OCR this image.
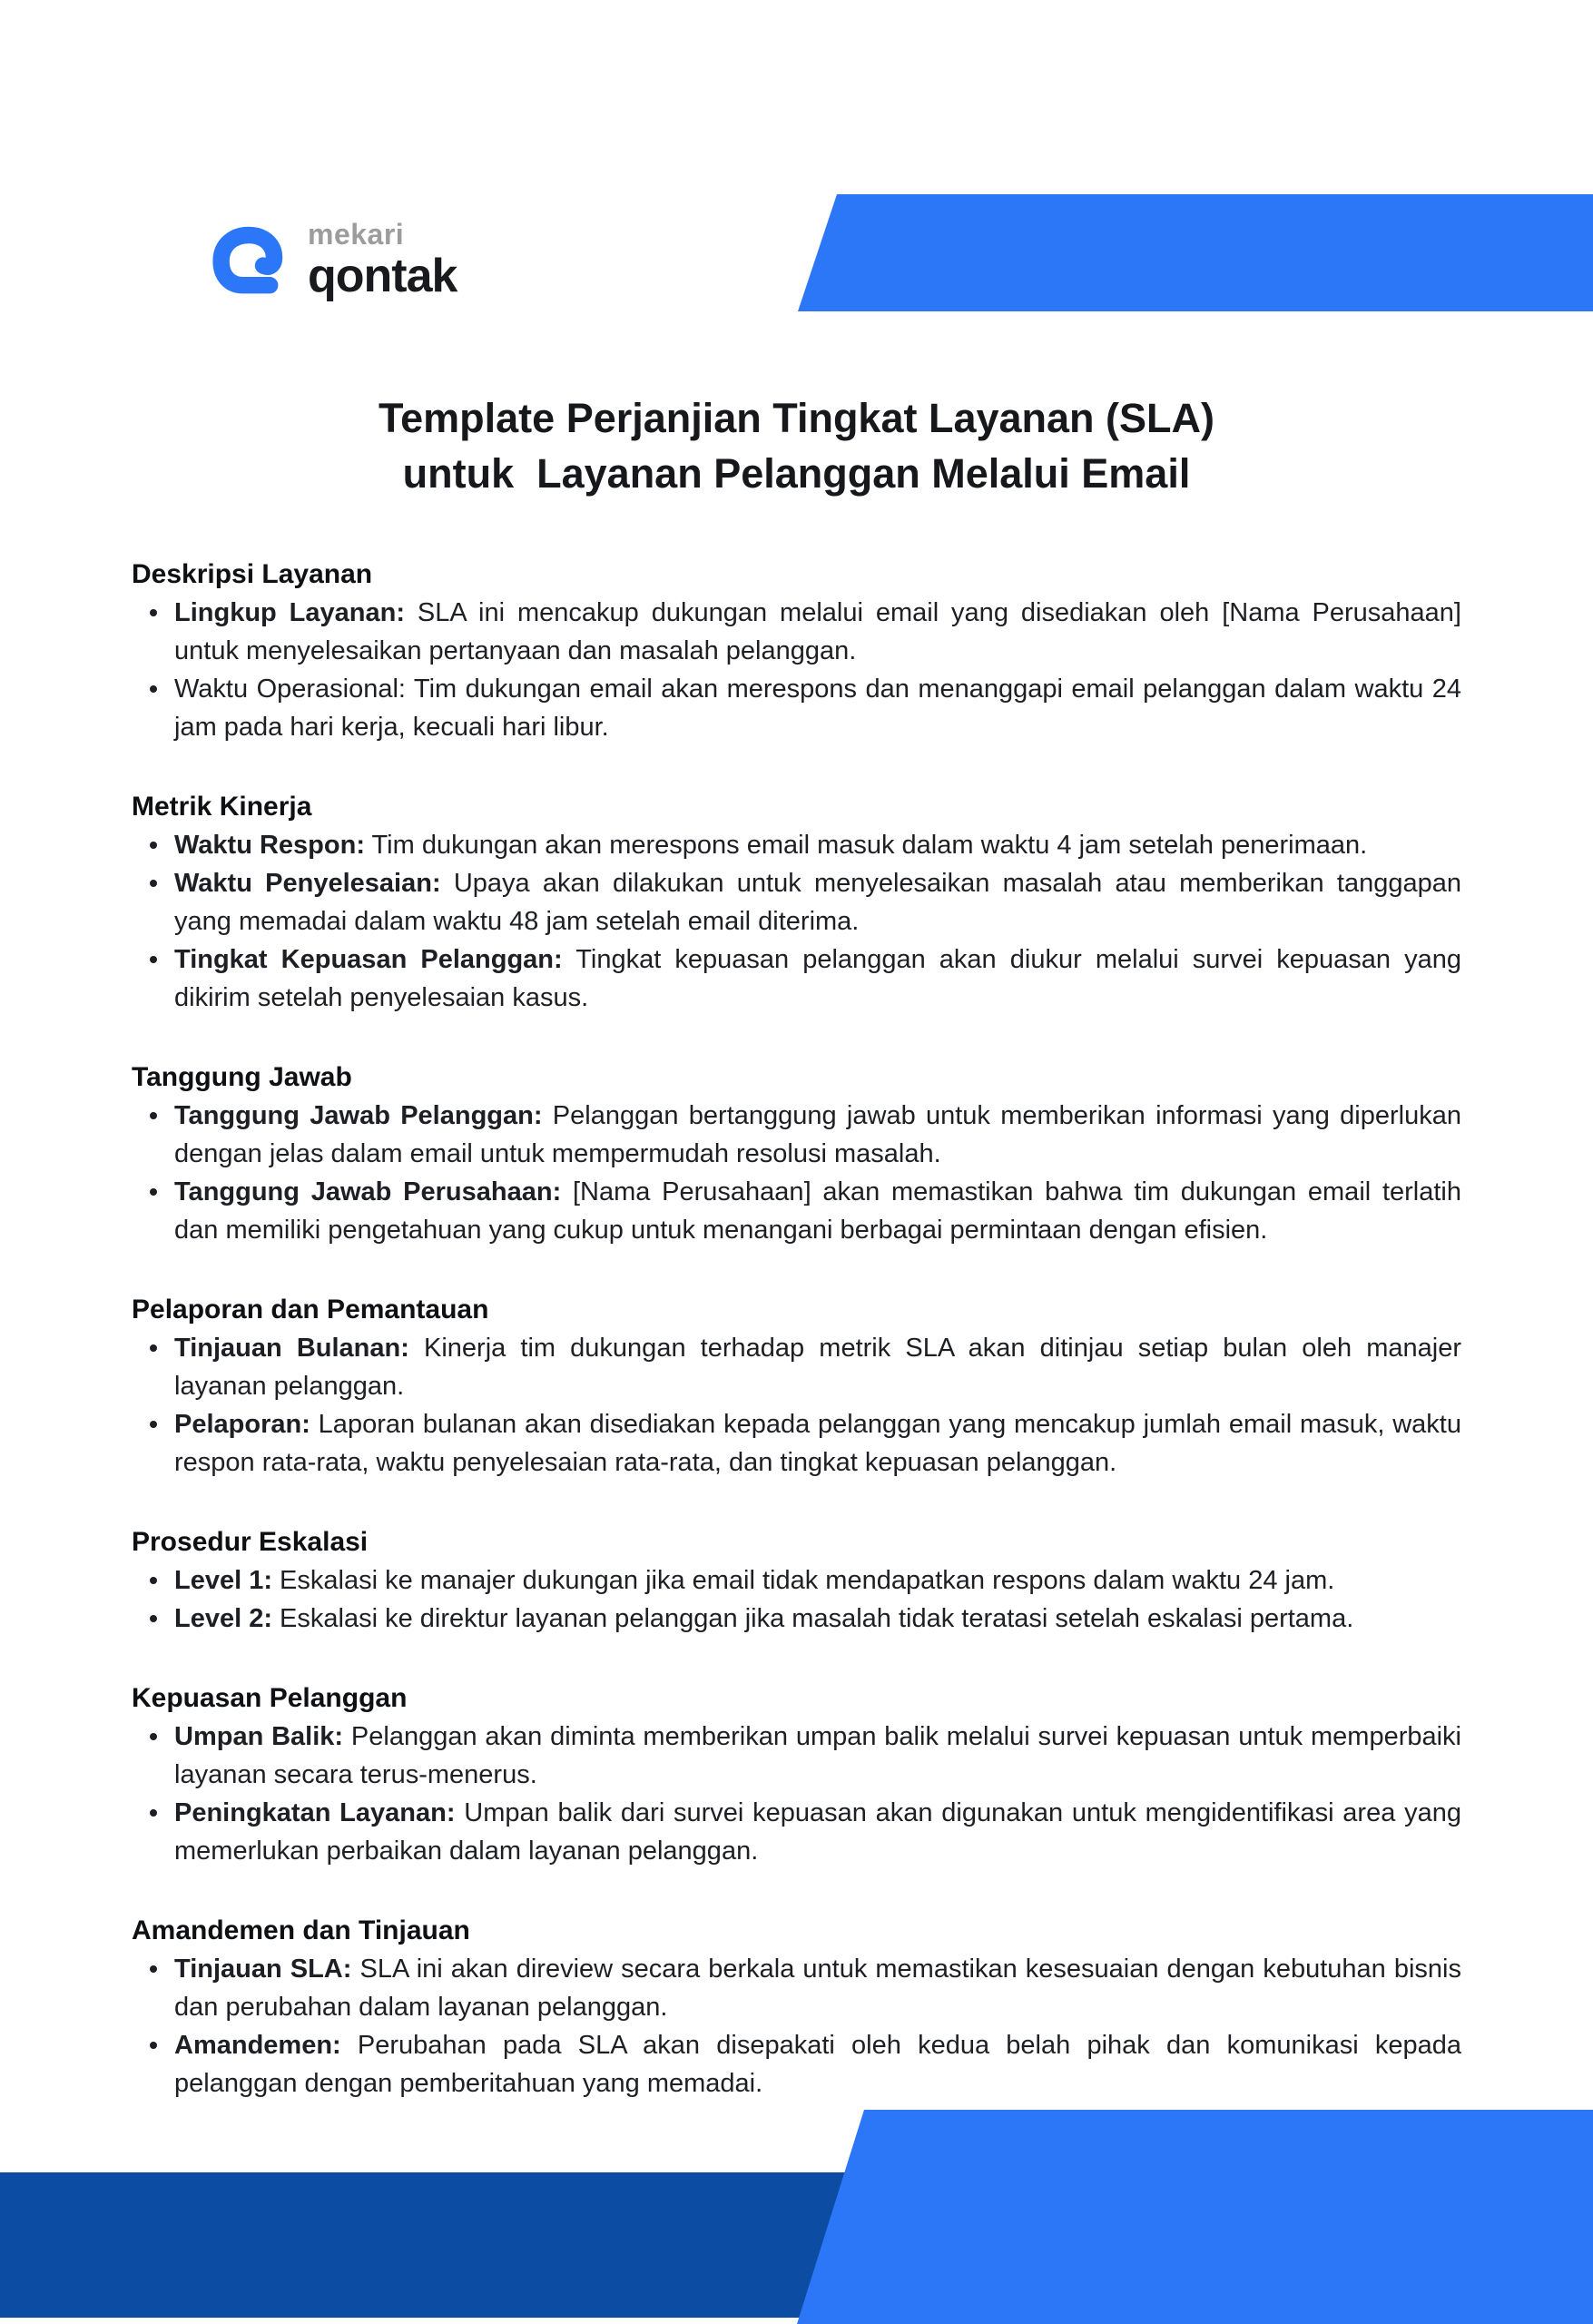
mekari
qontak
Template Perjanjian Tingkat Layanan (SLA)
untuk  Layanan Pelanggan Melalui Email
Deskripsi Layanan
Lingkup Layanan: SLA ini mencakup dukungan melalui email yang disediakan oleh [Nama Perusahaan] untuk menyelesaikan pertanyaan dan masalah pelanggan.
Waktu Operasional: Tim dukungan email akan merespons dan menanggapi email pelanggan dalam waktu 24 jam pada hari kerja, kecuali hari libur.
Metrik Kinerja
Waktu Respon: Tim dukungan akan merespons email masuk dalam waktu 4 jam setelah penerimaan.
Waktu Penyelesaian: Upaya akan dilakukan untuk menyelesaikan masalah atau memberikan tanggapan yang memadai dalam waktu 48 jam setelah email diterima.
Tingkat Kepuasan Pelanggan: Tingkat kepuasan pelanggan akan diukur melalui survei kepuasan yang dikirim setelah penyelesaian kasus.
Tanggung Jawab
Tanggung Jawab Pelanggan: Pelanggan bertanggung jawab untuk memberikan informasi yang diperlukan dengan jelas dalam email untuk mempermudah resolusi masalah.
Tanggung Jawab Perusahaan: [Nama Perusahaan] akan memastikan bahwa tim dukungan email terlatih dan memiliki pengetahuan yang cukup untuk menangani berbagai permintaan dengan efisien.
Pelaporan dan Pemantauan
Tinjauan Bulanan: Kinerja tim dukungan terhadap metrik SLA akan ditinjau setiap bulan oleh manajer layanan pelanggan.
Pelaporan: Laporan bulanan akan disediakan kepada pelanggan yang mencakup jumlah email masuk, waktu respon rata-rata, waktu penyelesaian rata-rata, dan tingkat kepuasan pelanggan.
Prosedur Eskalasi
Level 1: Eskalasi ke manajer dukungan jika email tidak mendapatkan respons dalam waktu 24 jam.
Level 2: Eskalasi ke direktur layanan pelanggan jika masalah tidak teratasi setelah eskalasi pertama.
Kepuasan Pelanggan
Umpan Balik: Pelanggan akan diminta memberikan umpan balik melalui survei kepuasan untuk memperbaiki layanan secara terus-menerus.
Peningkatan Layanan: Umpan balik dari survei kepuasan akan digunakan untuk mengidentifikasi area yang memerlukan perbaikan dalam layanan pelanggan.
Amandemen dan Tinjauan
Tinjauan SLA: SLA ini akan direview secara berkala untuk memastikan kesesuaian dengan kebutuhan bisnis dan perubahan dalam layanan pelanggan.
Amandemen: Perubahan pada SLA akan disepakati oleh kedua belah pihak dan komunikasi kepada pelanggan dengan pemberitahuan yang memadai.
